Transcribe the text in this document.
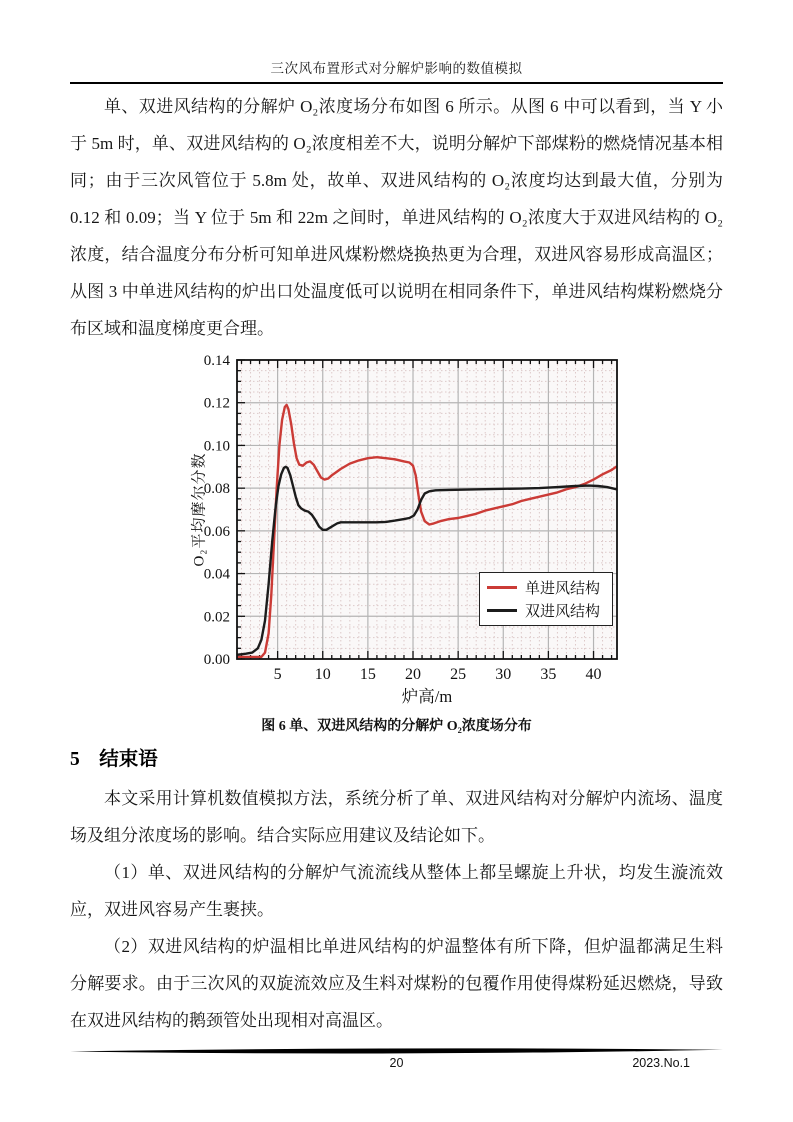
三次风布置形式对分解炉影响的数值模拟

单、双进风结构的分解炉 O₂浓度场分布如图 6 所示。从图 6 中可以看到，当 Y 小于 5m 时，单、双进风结构的 O₂浓度相差不大，说明分解炉下部煤粉的燃烧情况基本相同；由于三次风管位于 5.8m 处，故单、双进风结构的 O₂浓度均达到最大值，分别为 0.12 和 0.09；当 Y 位于 5m 和 22m 之间时，单进风结构的 O₂浓度大于双进风结构的 O₂浓度，结合温度分布分析可知单进风煤粉燃烧换热更为合理，双进风容易形成高温区；从图 3 中单进风结构的炉出口处温度低可以说明在相同条件下，单进风结构煤粉燃烧分布区域和温度梯度更合理。

0.00
0.02
0.04
0.06
0.08
0.10
0.12
0.14
5 10 15 20 25 30 35 40
O₂平均摩尔分数
炉高/m
单进风结构
双进风结构
图 6 单、双进风结构的分解炉 O₂浓度场分布
5　结束语

本文采用计算机数值模拟方法，系统分析了单、双进风结构对分解炉内流场、温度场及组分浓度场的影响。结合实际应用建议及结论如下。

（1）单、双进风结构的分解炉气流流线从整体上都呈螺旋上升状，均发生漩流效应，双进风容易产生裹挟。

（2）双进风结构的炉温相比单进风结构的炉温整体有所下降，但炉温都满足生料分解要求。由于三次风的双旋流效应及生料对煤粉的包覆作用使得煤粉延迟燃烧，导致在双进风结构的鹅颈管处出现相对高温区。

20	2023.No.1
